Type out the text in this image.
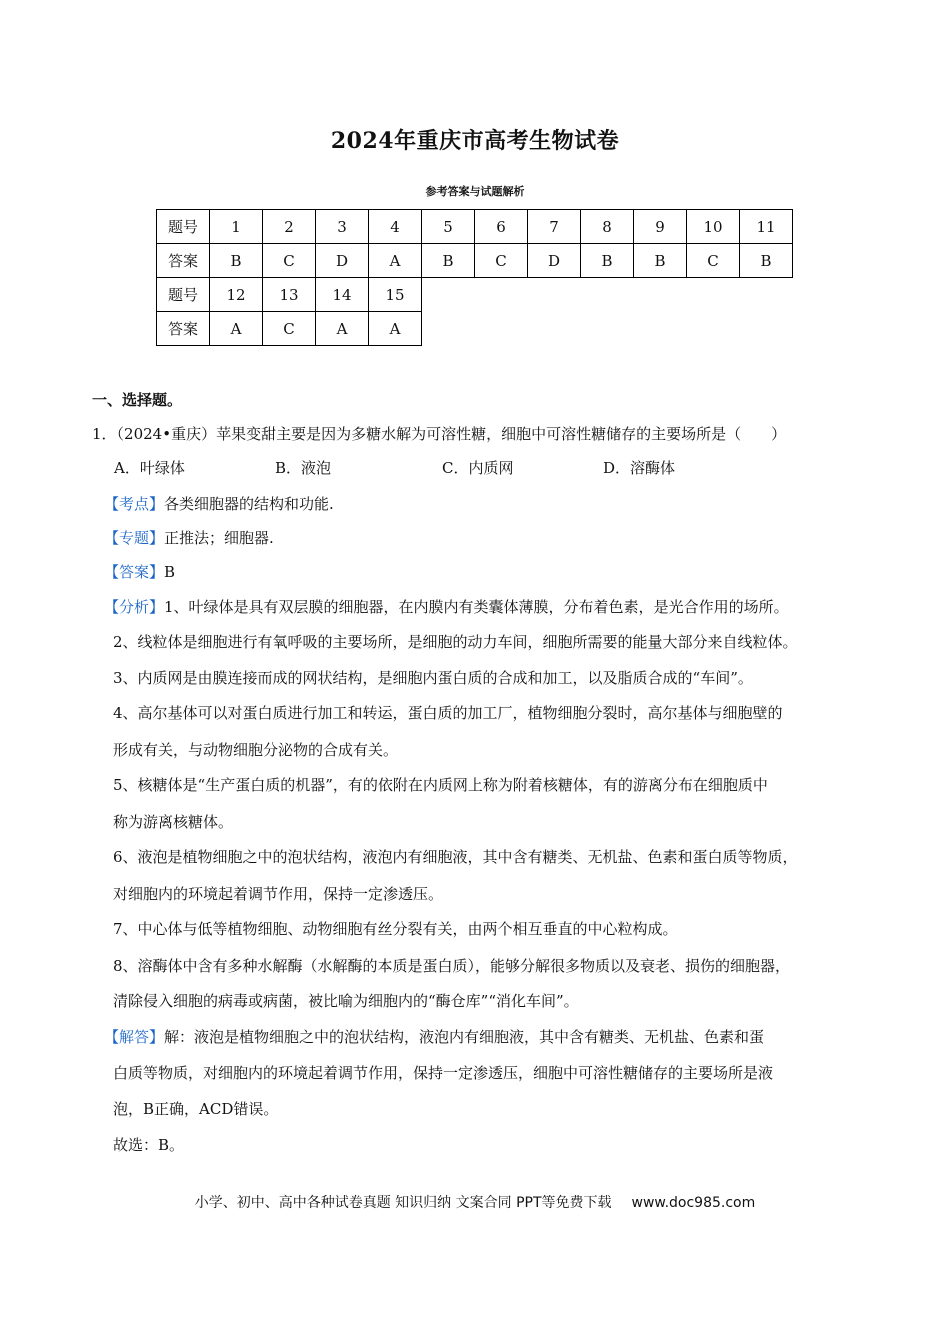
2024年重庆市高考生物试卷
参考答案与试题解析
题号	1	2	3	4	5	6	7	8	9	10	11
答案	B	C	D	A	B	C	D	B	B	C	B
题号	12	13	14	15							
答案	A	C	A	A							
一、选择题。
1．（2024•重庆）苹果变甜主要是因为多糖水解为可溶性糖，细胞中可溶性糖储存的主要场所是（　　）
A．叶绿体	B．液泡	C．内质网	D．溶酶体
【考点】各类细胞器的结构和功能.
【专题】正推法；细胞器.
【答案】B
【分析】1、叶绿体是具有双层膜的细胞器，在内膜内有类囊体薄膜，分布着色素，是光合作用的场所。
2、线粒体是细胞进行有氧呼吸的主要场所，是细胞的动力车间，细胞所需要的能量大部分来自线粒体。
3、内质网是由膜连接而成的网状结构，是细胞内蛋白质的合成和加工，以及脂质合成的“车间”。
4、高尔基体可以对蛋白质进行加工和转运，蛋白质的加工厂，植物细胞分裂时，高尔基体与细胞壁的
形成有关，与动物细胞分泌物的合成有关。
5、核糖体是“生产蛋白质的机器”，有的依附在内质网上称为附着核糖体，有的游离分布在细胞质中
称为游离核糖体。
6、液泡是植物细胞之中的泡状结构，液泡内有细胞液，其中含有糖类、无机盐、色素和蛋白质等物质，
对细胞内的环境起着调节作用，保持一定渗透压。
7、中心体与低等植物细胞、动物细胞有丝分裂有关，由两个相互垂直的中心粒构成。
8、溶酶体中含有多种水解酶（水解酶的本质是蛋白质），能够分解很多物质以及衰老、损伤的细胞器，
清除侵入细胞的病毒或病菌，被比喻为细胞内的“酶仓库”“消化车间”。
【解答】解：液泡是植物细胞之中的泡状结构，液泡内有细胞液，其中含有糖类、无机盐、色素和蛋
白质等物质，对细胞内的环境起着调节作用，保持一定渗透压，细胞中可溶性糖储存的主要场所是液
泡，B正确，ACD错误。
故选：B。
小学、初中、高中各种试卷真题 知识归纳 文案合同 PPT等免费下载 www.doc985.com
